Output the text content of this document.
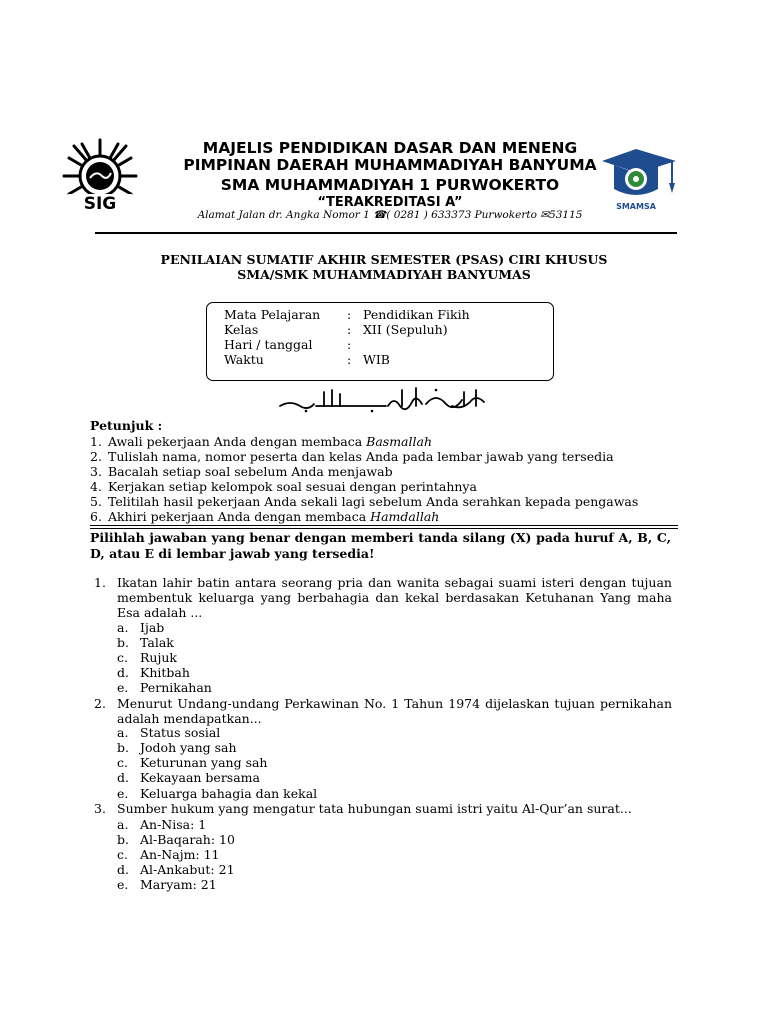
SIG
MAJELIS PENDIDIKAN DASAR DAN MENENG
PIMPINAN DAERAH MUHAMMADIYAH BANYUMA
SMA MUHAMMADIYAH 1 PURWOKERTO
“TERAKREDITASI A”
Alamat Jalan dr. Angka Nomor 1 ☎( 0281 ) 633373 Purwokerto ✉53115
SMAMSA
PENILAIAN SUMATIF AKHIR SEMESTER (PSAS) CIRI KHUSUS
SMA/SMK MUHAMMADIYAH BANYUMAS
Mata Pelajaran : Pendidikan Fikih
Kelas	: XII (Sepuluh)
Hari / tanggal	:
Waktu	: WIB
Petunjuk :
1. Awali pekerjaan Anda dengan membaca Basmallah
2. Tulislah nama, nomor peserta dan kelas Anda pada lembar jawab yang tersedia
3. Bacalah setiap soal sebelum Anda menjawab
4. Kerjakan setiap kelompok soal sesuai dengan perintahnya
5. Telitilah hasil pekerjaan Anda sekali lagi sebelum Anda serahkan kepada pengawas
6. Akhiri pekerjaan Anda dengan membaca Hamdallah
Pilihlah jawaban yang benar dengan memberi tanda silang (X) pada huruf A, B, C, D, atau E di lembar jawab yang tersedia!
1. Ikatan lahir batin antara seorang pria dan wanita sebagai suami isteri dengan tujuan membentuk keluarga yang berbahagia dan kekal berdasakan Ketuhanan Yang maha Esa adalah ...
a. Ijab
b. Talak
c. Rujuk
d. Khitbah
e. Pernikahan
2. Menurut Undang-undang Perkawinan No. 1 Tahun 1974 dijelaskan tujuan pernikahan adalah mendapatkan...
a. Status sosial
b. Jodoh yang sah
c. Keturunan yang sah
d. Kekayaan bersama
e. Keluarga bahagia dan kekal
3. Sumber hukum yang mengatur tata hubungan suami istri yaitu Al-Qur’an surat...
a. An-Nisa: 1
b. Al-Baqarah: 10
c. An-Najm: 11
d. Al-Ankabut: 21
e. Maryam: 21
